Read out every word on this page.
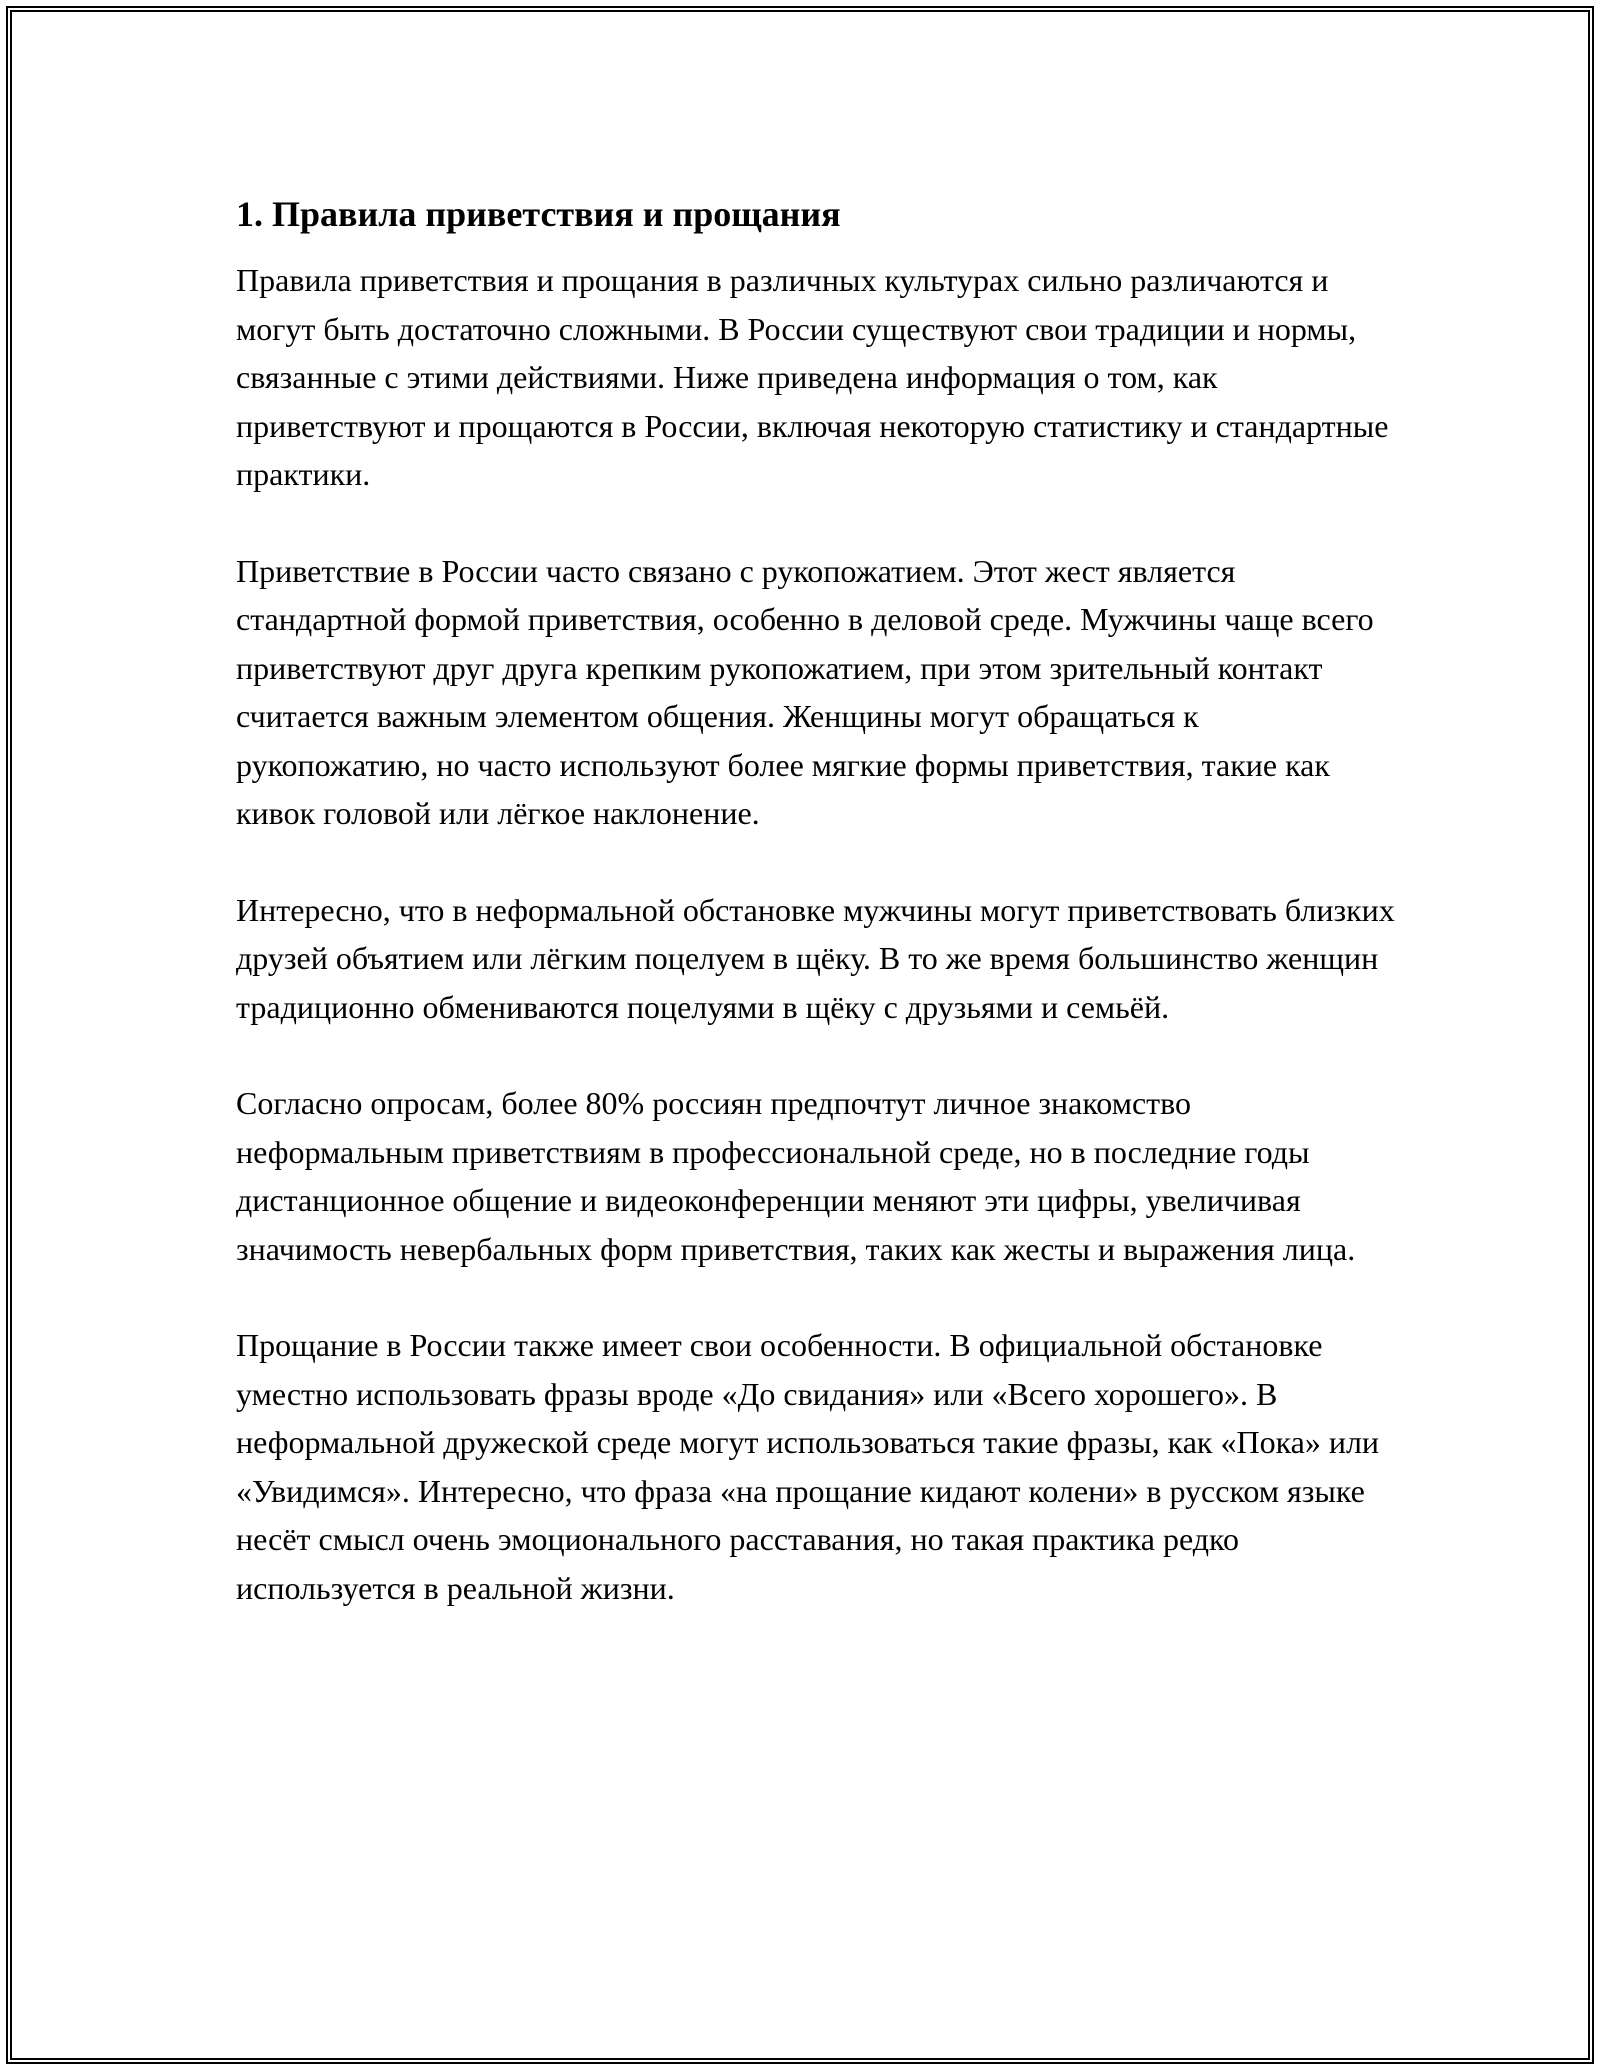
1. Правила приветствия и прощания

Правила приветствия и прощания в различных культурах сильно различаются и могут быть достаточно сложными. В России существуют свои традиции и нормы, связанные с этими действиями. Ниже приведена информация о том, как приветствуют и прощаются в России, включая некоторую статистику и стандартные практики.

Приветствие в России часто связано с рукопожатием. Этот жест является стандартной формой приветствия, особенно в деловой среде. Мужчины чаще всего приветствуют друг друга крепким рукопожатием, при этом зрительный контакт считается важным элементом общения. Женщины могут обращаться к рукопожатию, но часто используют более мягкие формы приветствия, такие как кивок головой или лёгкое наклонение.

Интересно, что в неформальной обстановке мужчины могут приветствовать близких друзей объятием или лёгким поцелуем в щёку. В то же время большинство женщин традиционно обмениваются поцелуями в щёку с друзьями и семьёй.

Согласно опросам, более 80% россиян предпочтут личное знакомство неформальным приветствиям в профессиональной среде, но в последние годы дистанционное общение и видеоконференции меняют эти цифры, увеличивая значимость невербальных форм приветствия, таких как жесты и выражения лица.

Прощание в России также имеет свои особенности. В официальной обстановке уместно использовать фразы вроде «До свидания» или «Всего хорошего». В неформальной дружеской среде могут использоваться такие фразы, как «Пока» или «Увидимся». Интересно, что фраза «на прощание кидают колени» в русском языке несёт смысл очень эмоционального расставания, но такая практика редко используется в реальной жизни.
